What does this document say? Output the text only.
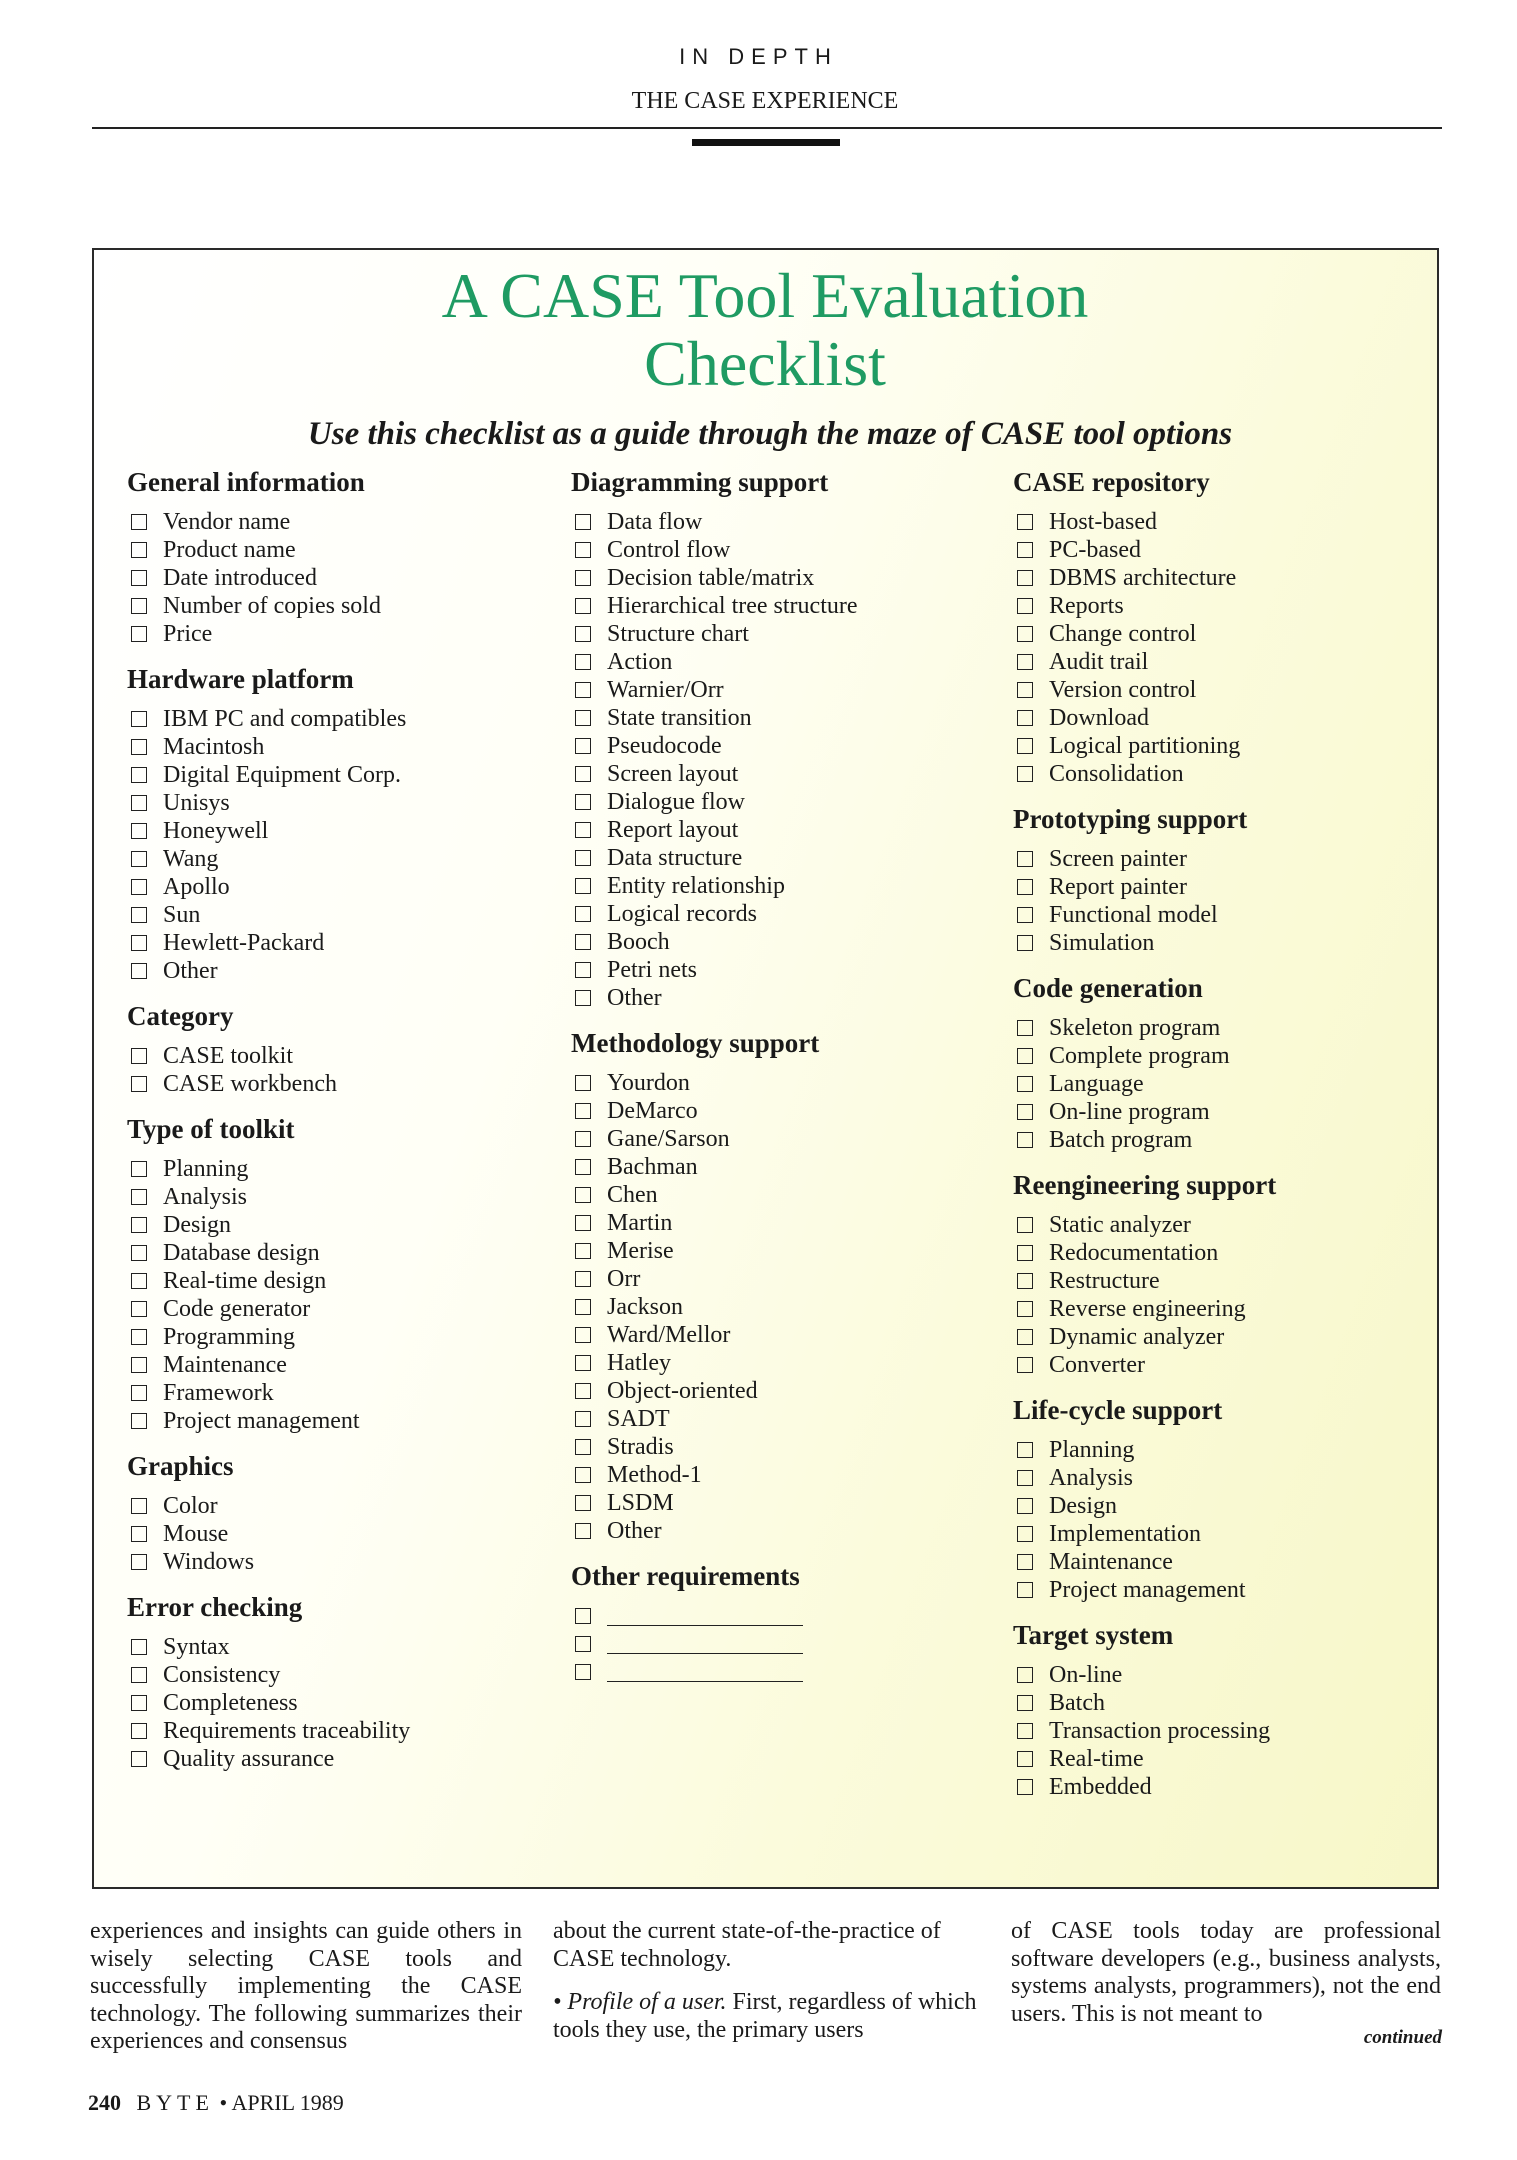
IN DEPTH
THE CASE EXPERIENCE
A CASE Tool Evaluation
Checklist
Use this checklist as a guide through the maze of CASE tool options
General information
Vendor name
Product name
Date introduced
Number of copies sold
Price
Hardware platform
IBM PC and compatibles
Macintosh
Digital Equipment Corp.
Unisys
Honeywell
Wang
Apollo
Sun
Hewlett-Packard
Other
Category
CASE toolkit
CASE workbench
Type of toolkit
Planning
Analysis
Design
Database design
Real-time design
Code generator
Programming
Maintenance
Framework
Project management
Graphics
Color
Mouse
Windows
Error checking
Syntax
Consistency
Completeness
Requirements traceability
Quality assurance
Diagramming support
Data flow
Control flow
Decision table/matrix
Hierarchical tree structure
Structure chart
Action
Warnier/Orr
State transition
Pseudocode
Screen layout
Dialogue flow
Report layout
Data structure
Entity relationship
Logical records
Booch
Petri nets
Other
Methodology support
Yourdon
DeMarco
Gane/Sarson
Bachman
Chen
Martin
Merise
Orr
Jackson
Ward/Mellor
Hatley
Object-oriented
SADT
Stradis
Method-1
LSDM
Other
Other requirements
CASE repository
Host-based
PC-based
DBMS architecture
Reports
Change control
Audit trail
Version control
Download
Logical partitioning
Consolidation
Prototyping support
Screen painter
Report painter
Functional model
Simulation
Code generation
Skeleton program
Complete program
Language
On-line program
Batch program
Reengineering support
Static analyzer
Redocumentation
Restructure
Reverse engineering
Dynamic analyzer
Converter
Life-cycle support
Planning
Analysis
Design
Implementation
Maintenance
Project management
Target system
On-line
Batch
Transaction processing
Real-time
Embedded

experiences and insights can guide others in wisely selecting CASE tools and successfully implementing the CASE technology. The following summarizes their experiences and consensus

about the current state-of-the-practice of CASE technology.

• Profile of a user. First, regardless of which tools they use, the primary users

of CASE tools today are professional software developers (e.g., business analysts, systems analysts, programmers), not the end users. This is not meant to

continued
240 BYTE • APRIL 1989
